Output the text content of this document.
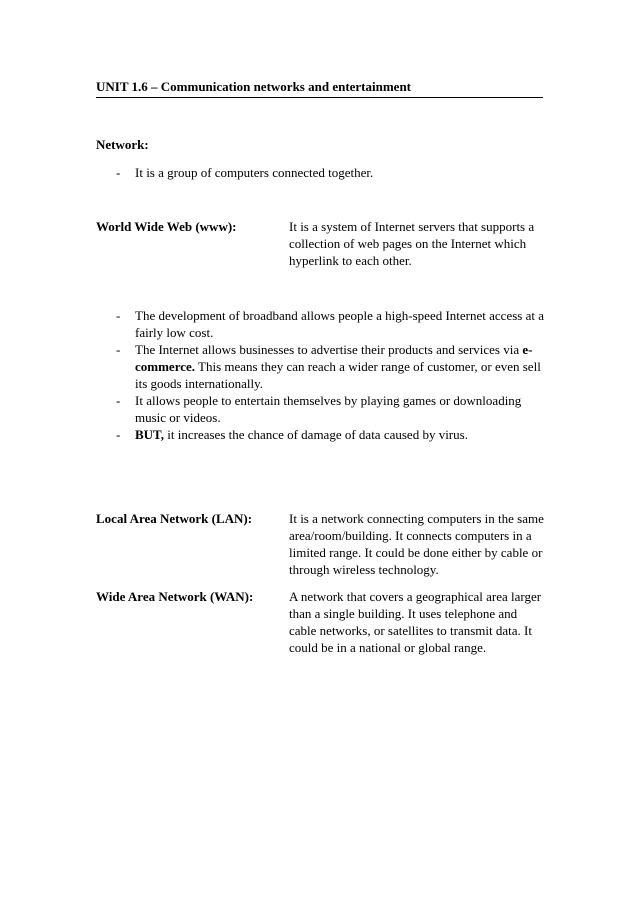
UNIT 1.6 – Communication networks and entertainment
Network:
- It is a group of computers connected together.
World Wide Web (www):	It is a system of Internet servers that supports a
collection of web pages on the Internet which
hyperlink to each other.
- The development of broadband allows people a high-speed Internet access at a
fairly low cost.
- The Internet allows businesses to advertise their products and services via e-
commerce. This means they can reach a wider range of customer, or even sell
its goods internationally.
- It allows people to entertain themselves by playing games or downloading
music or videos.
- BUT, it increases the chance of damage of data caused by virus.
Local Area Network (LAN):	It is a network connecting computers in the same
area/room/building. It connects computers in a
limited range. It could be done either by cable or
through wireless technology.
Wide Area Network (WAN):	A network that covers a geographical area larger
than a single building. It uses telephone and
cable networks, or satellites to transmit data. It
could be in a national or global range.
